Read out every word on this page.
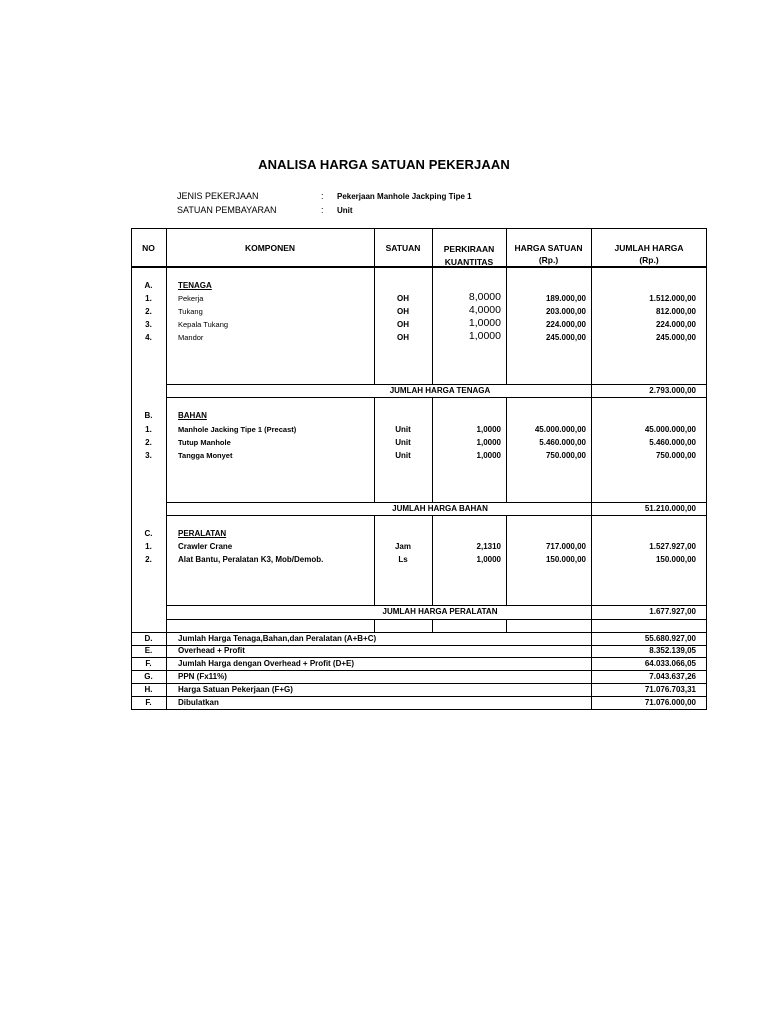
ANALISA HARGA SATUAN PEKERJAAN
JENIS PEKERJAAN	: Pekerjaan Manhole Jackping Tipe 1
SATUAN PEMBAYARAN	: Unit
NO	KOMPONEN	SATUAN	PERKIRAAN
KUANTITAS
HARGA SATUAN
(Rp.)
JUMLAH HARGA
(Rp.)
A.	TENAGA
1.	Pekerja	OH	8,0000	189.000,00	1.512.000,00
2.	Tukang	OH	4,0000	203.000,00	812.000,00
3.	Kepala Tukang	OH	1,0000	224.000,00	224.000,00
4.	Mandor	OH	1,0000	245.000,00	245.000,00
JUMLAH HARGA TENAGA	2.793.000,00
B.	BAHAN
1.	Manhole Jacking Tipe 1 (Precast)	Unit	1,0000	45.000.000,00	45.000.000,00
2.	Tutup Manhole	Unit	1,0000	5.460.000,00	5.460.000,00
3.	Tangga Monyet	Unit	1,0000	750.000,00	750.000,00
JUMLAH HARGA BAHAN	51.210.000,00
C.	PERALATAN
1.	Crawler Crane	Jam	2,1310	717.000,00	1.527.927,00
2.	Alat Bantu, Peralatan K3, Mob/Demob.	Ls	1,0000	150.000,00	150.000,00
JUMLAH HARGA PERALATAN	1.677.927,00
D.	Jumlah Harga Tenaga,Bahan,dan Peralatan (A+B+C)	55.680.927,00
E.	Overhead + Profit	8.352.139,05
F.	Jumlah Harga dengan Overhead + Profit (D+E)	64.033.066,05
G.	PPN (Fx11%)	7.043.637,26
H.	Harga Satuan Pekerjaan (F+G)	71.076.703,31
F.	Dibulatkan	71.076.000,00
